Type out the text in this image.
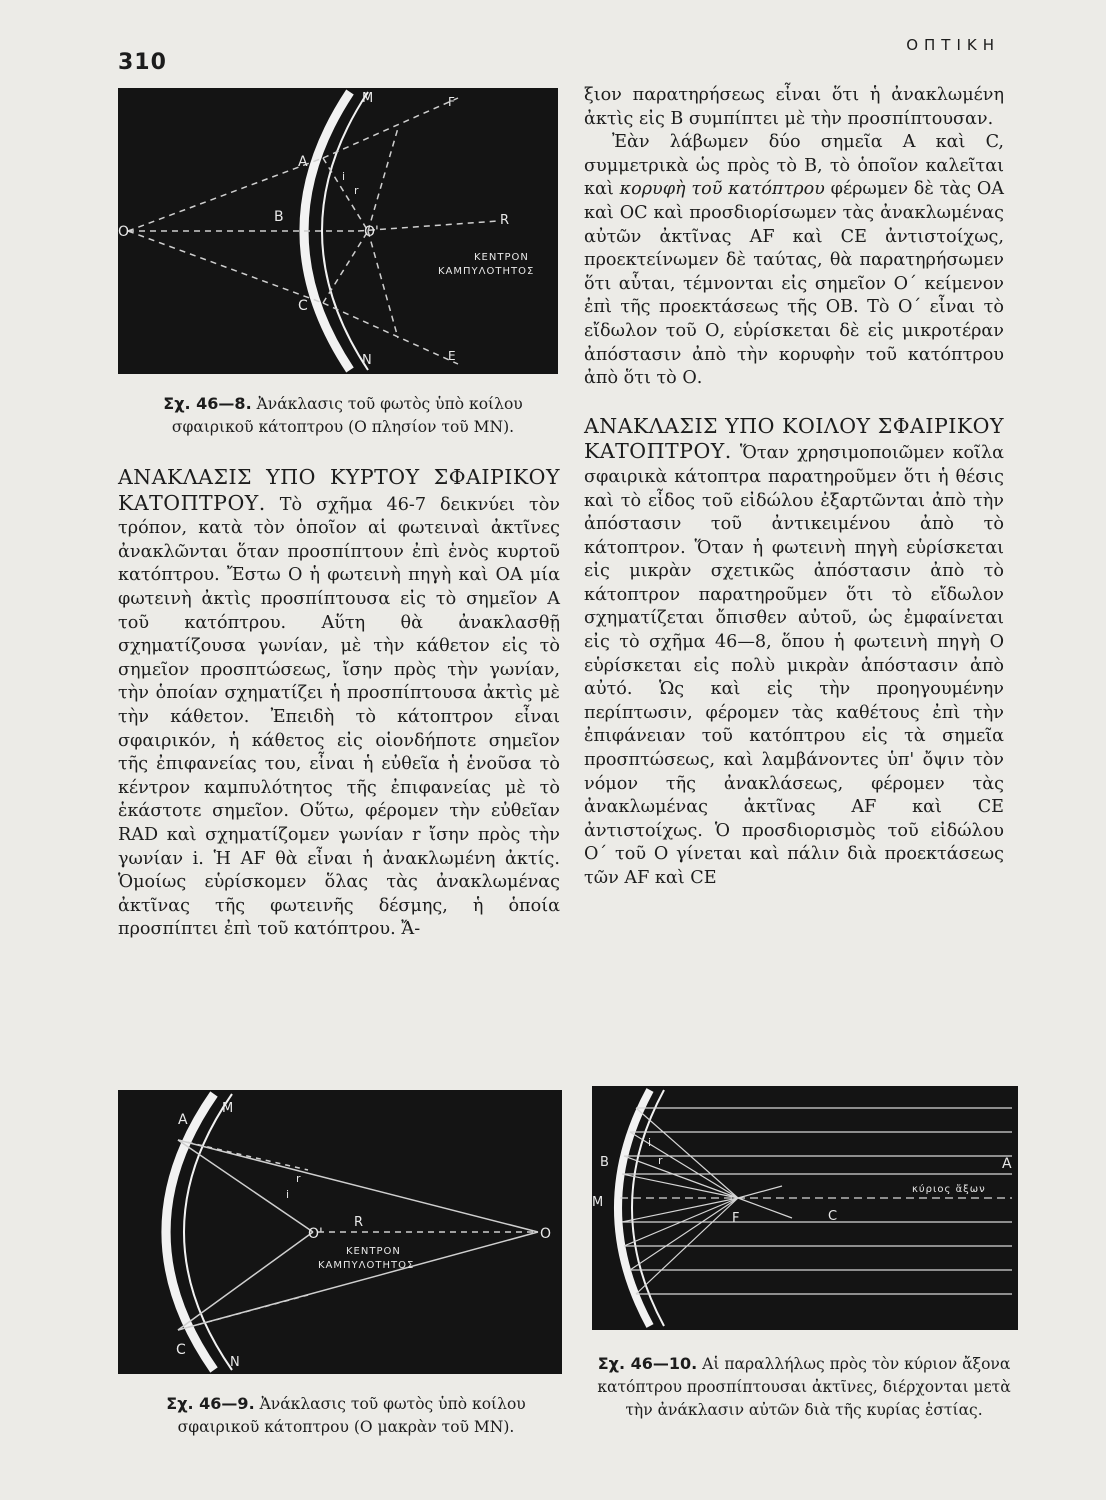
310
ΟΠΤΙΚΗ
M
N
A
B
C
O	O'
R
F
E
i
r
ΚΕΝΤΡΟΝ
ΚΑΜΠΥΛΟΤΗΤΟΣ
Σχ. 46—8. Ἀνάκλασις τοῦ φωτὸς ὑπὸ κοίλου σφαιρικοῦ κάτοπτρου (Ο πλησίον τοῦ ΜΝ).

ΑΝΑΚΛΑΣΙΣ ΥΠΟ ΚΥΡΤΟΥ ΣΦΑΙΡΙΚΟΥ ΚΑΤΟΠΤΡΟΥ. Τὸ σχῆμα 46-7 δεικνύει τὸν τρόπον, κατὰ τὸν ὁποῖον αἱ φωτειναὶ ἀκτῖνες ἀνακλῶνται ὅταν προσπίπτουν ἐπὶ ἑνὸς κυρτοῦ κατόπτρου. Ἔστω Ο ἡ φωτεινὴ πηγὴ καὶ ΟΑ μία φωτεινὴ ἀκτὶς προσπίπτουσα εἰς τὸ σημεῖον Α τοῦ κατόπτρου. Αὕτη θὰ ἀνακλασθῇ σχηματίζουσα γωνίαν, μὲ τὴν κάθετον εἰς τὸ σημεῖον προσπτώσεως, ἴσην πρὸς τὴν γωνίαν, τὴν ὁποίαν σχηματίζει ἡ προσπίπτουσα ἀκτὶς μὲ τὴν κάθετον. Ἐπειδὴ τὸ κάτοπτρον εἶναι σφαιρικόν, ἡ κάθετος εἰς οἱονδήποτε σημεῖον τῆς ἐπιφανείας του, εἶναι ἡ εὐθεῖα ἡ ἑνοῦσα τὸ κέντρον καμπυλότητος τῆς ἐπιφανείας μὲ τὸ ἑκάστοτε σημεῖον. Οὕτω, φέρομεν τὴν εὐθεῖαν RAD καὶ σχηματίζομεν γωνίαν r ἴσην πρὸς τὴν γωνίαν i. Ἡ AF θὰ εἶναι ἡ ἀνακλωμένη ἀκτίς. Ὁμοίως εὑρίσκομεν ὅλας τὰς ἀνακλωμένας ἀκτῖνας τῆς φωτεινῆς δέσμης, ἡ ὁποία προσπίπτει ἐπὶ τοῦ κατόπτρου. Ἄ-

ξιον παρατηρήσεως εἶναι ὅτι ἡ ἀνακλωμένη ἀκτὶς εἰς Β συμπίπτει μὲ τὴν προσπίπτουσαν.

Ἐὰν λάβωμεν δύο σημεῖα Α καὶ C, συμμετρικὰ ὡς πρὸς τὸ Β, τὸ ὁποῖον καλεῖται καὶ κορυφὴ τοῦ κατόπτρου φέρωμεν δὲ τὰς ΟΑ καὶ ΟC καὶ προσδιορίσωμεν τὰς ἀνακλωμένας αὐτῶν ἀκτῖνας AF καὶ CE ἀντιστοίχως, προεκτείνωμεν δὲ ταύτας, θὰ παρατηρήσωμεν ὅτι αὗται, τέμνονται εἰς σημεῖον Ο΄ κείμενον ἐπὶ τῆς προεκτάσεως τῆς ΟΒ. Τὸ Ο΄ εἶναι τὸ εἴδωλον τοῦ Ο, εὑρίσκεται δὲ εἰς μικροτέραν ἀπόστασιν ἀπὸ τὴν κορυφὴν τοῦ κατόπτρου ἀπὸ ὅτι τὸ Ο.

ΑΝΑΚΛΑΣΙΣ ΥΠΟ ΚΟΙΛΟΥ ΣΦΑΙΡΙΚΟΥ ΚΑΤΟΠΤΡΟΥ. Ὅταν χρησιμοποιῶμεν κοῖλα σφαιρικὰ κάτοπτρα παρατηροῦμεν ὅτι ἡ θέσις καὶ τὸ εἶδος τοῦ εἰδώλου ἐξαρτῶνται ἀπὸ τὴν ἀπόστασιν τοῦ ἀντικειμένου ἀπὸ τὸ κάτοπτρον. Ὅταν ἡ φωτεινὴ πηγὴ εὑρίσκεται εἰς μικρὰν σχετικῶς ἀπόστασιν ἀπὸ τὸ κάτοπτρον παρατηροῦμεν ὅτι τὸ εἴδωλον σχηματίζεται ὄπισθεν αὐτοῦ, ὡς ἐμφαίνεται εἰς τὸ σχῆμα 46—8, ὅπου ἡ φωτεινὴ πηγὴ Ο εὑρίσκεται εἰς πολὺ μικρὰν ἀπόστασιν ἀπὸ αὐτό. Ὡς καὶ εἰς τὴν προηγουμένην περίπτωσιν, φέρομεν τὰς καθέτους ἐπὶ τὴν ἐπιφάνειαν τοῦ κατόπτρου εἰς τὰ σημεῖα προσπτώσεως, καὶ λαμβάνοντες ὑπ' ὄψιν τὸν νόμον τῆς ἀνακλάσεως, φέρομεν τὰς ἀνακλωμένας ἀκτῖνας AF καὶ CE ἀντιστοίχως. Ὁ προσδιορισμὸς τοῦ εἰδώλου Ο΄ τοῦ Ο γίνεται καὶ πάλιν διὰ προεκτάσεως τῶν AF καὶ CE

A
M
C
N
O
O'
R
i
r
ΚΕΝΤΡΟΝ
ΚΑΜΠΥΛΟΤΗΤΟΣ
Σχ. 46—9. Ἀνάκλασις τοῦ φωτὸς ὑπὸ κοίλου σφαιρικοῦ κάτοπτρου (Ο μακρὰν τοῦ ΜΝ).
B
M
A
F	C
i
r
κύριος ἄξων
Σχ. 46—10. Αἱ παραλλήλως πρὸς τὸν κύριον ἄξονα κατόπτρου προσπίπτουσαι ἀκτῖνες, διέρχονται μετὰ τὴν ἀνάκλασιν αὐτῶν διὰ τῆς κυρίας ἑστίας.
